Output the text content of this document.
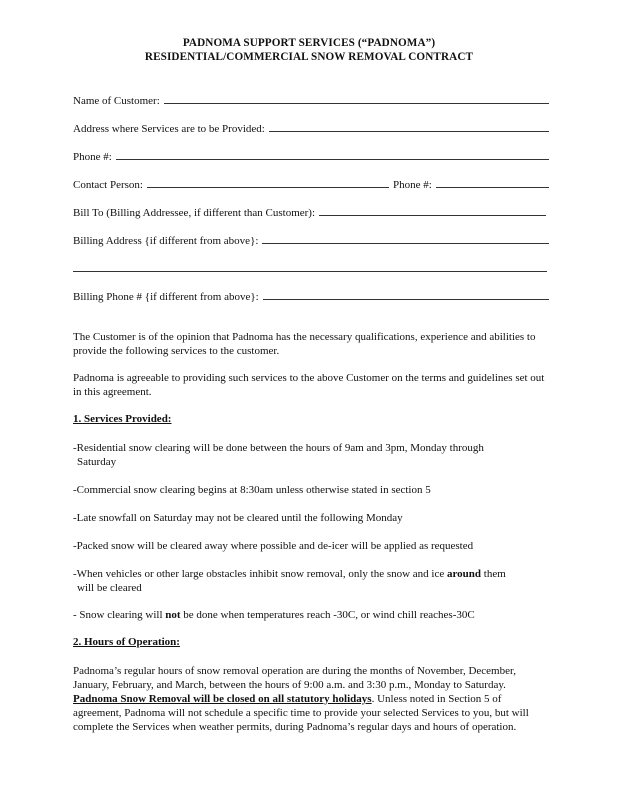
PADNOMA SUPPORT SERVICES (“PADNOMA”)
RESIDENTIAL/COMMERCIAL SNOW REMOVAL CONTRACT
Name of Customer:
Address where Services are to be Provided:
Phone #:
Contact Person:	Phone #:
Bill To (Billing Addressee, if different than Customer):
Billing Address {if different from above}:
Billing Phone # {if different from above}:
The Customer is of the opinion that Padnoma has the necessary qualifications, experience and abilities to provide the following services to the customer.
Padnoma is agreeable to providing such services to the above Customer on the terms and guidelines set out in this agreement.
1. Services Provided:
-Residential snow clearing will be done between the hours of 9am and 3pm, Monday through
Saturday
-Commercial snow clearing begins at 8:30am unless otherwise stated in section 5
-Late snowfall on Saturday may not be cleared until the following Monday
-Packed snow will be cleared away where possible and de-icer will be applied as requested
-When vehicles or other large obstacles inhibit snow removal, only the snow and ice around them
will be cleared
- Snow clearing will not be done when temperatures reach -30C, or wind chill reaches-30C
2. Hours of Operation:
Padnoma’s regular hours of snow removal operation are during the months of November, December, January, February, and March, between the hours of 9:00 a.m. and 3:30 p.m., Monday to Saturday. Padnoma Snow Removal will be closed on all statutory holidays. Unless noted in Section 5 of agreement, Padnoma will not schedule a specific time to provide your selected Services to you, but will complete the Services when weather permits, during Padnoma’s regular days and hours of operation.
